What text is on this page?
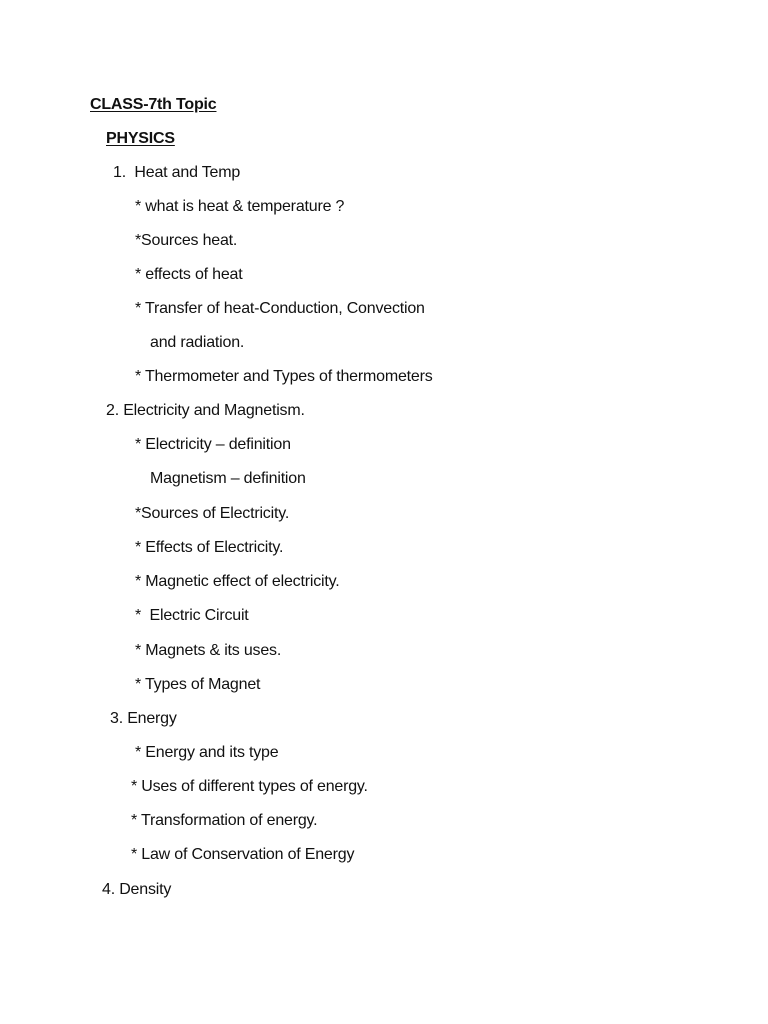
CLASS-7th Topic
PHYSICS
1.  Heat and Temp
* what is heat & temperature ?
*Sources heat.
* effects of heat
* Transfer of heat-Conduction, Convection
and radiation.
* Thermometer and Types of thermometers
2. Electricity and Magnetism.
* Electricity – definition
Magnetism – definition
*Sources of Electricity.
* Effects of Electricity.
* Magnetic effect of electricity.
*  Electric Circuit
* Magnets & its uses.
* Types of Magnet
3. Energy
* Energy and its type
* Uses of different types of energy.
* Transformation of energy.
* Law of Conservation of Energy
4. Density
